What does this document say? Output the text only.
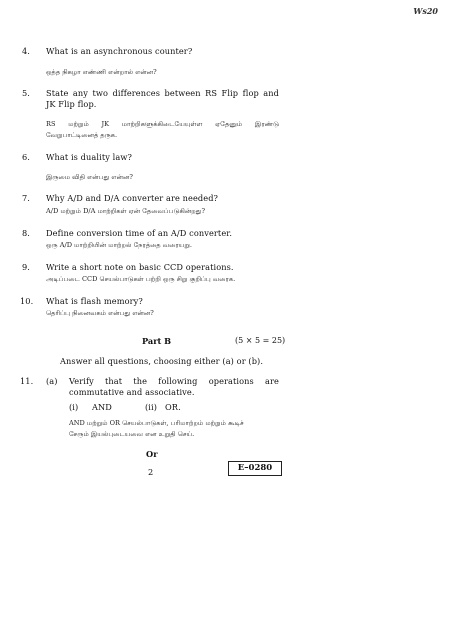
Ws20
4. What is an asynchronous counter?
ஒத்த நிகழா எண்ணி என்றால் என்ன?
5. State any two differences between RS Flip flop and
JK Flip flop.
RS மற்றும் JK மாற்றிகளுக்கிடையேயுள்ள ஏதேனும் இரண்டு
வேறுபாட்டினைத் தருக.
6. What is duality law?
இருமை விதி என்பது என்ன?
7. Why A/D and D/A converter are needed?
A/D மற்றும் D/A மாற்றிகள் ஏன் தேவைப்படுகின்றது?
8. Define conversion time of an A/D converter.
ஒரு A/D மாற்றியின் மாற்றல் நேரத்தை வரையறு.
9. Write a short note on basic CCD operations.
அடிப்படை CCD செயல்பாடுகள் பற்றி ஒரு சிறு குறிப்பு வரைக.
10. What is flash memory?
தெரிப்பு நினைவகம் என்பது என்ன?
Part B	(5 × 5 = 25)
Answer all questions, choosing either (a) or (b).
11. (a) Verify that the following operations are
commutative and associative.
(i) AND	(ii) OR.
AND மற்றும் OR செயல்பாடுகள், பரிமாற்றம் மற்றும் கூடிச்
சேரும் இயல்புடையவை என உறுதி செய்.
Or
2	E–0280
